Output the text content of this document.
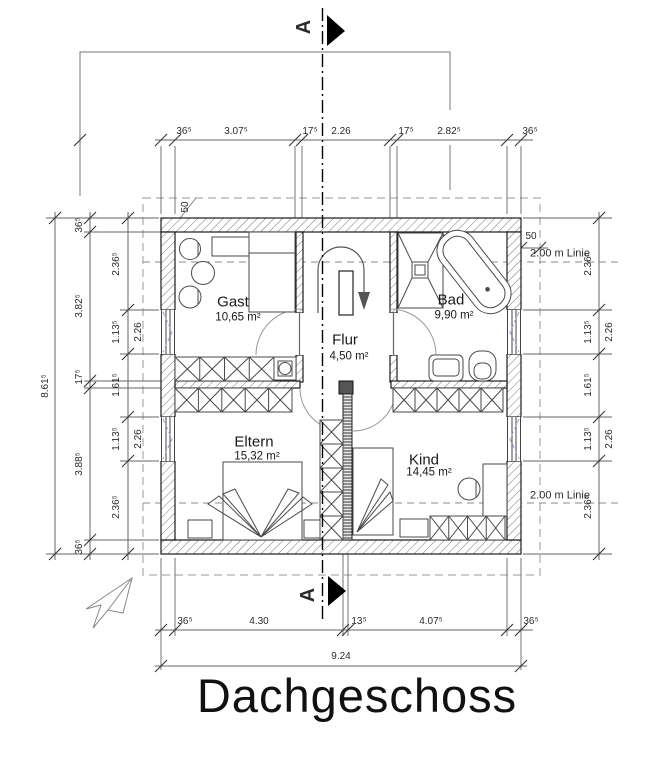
Gast
10,65 m²
Bad
9,90 m²
Flur
4,50 m²
Eltern
15,32 m²	Kind
14,45 m²
A
A
2.00 m Linie
2.00 m Linie
50
50
36⁵	3.07⁵	17⁵ 2.26	17⁵ 2.82⁵	36⁵
36⁵	4.30	13⁵	4.07⁵	36⁵
9.24
8.61⁵
36⁵
3.82⁵
17⁵
3.88⁵
36⁵
2.36⁵
1.13⁵
1.61⁵
1.13⁵
2.36⁵
2.26
2.26
2.36⁵
1.13⁵
1.61⁵
1.13⁵
2.36⁵
2.26
2.26
Dachgeschoss
